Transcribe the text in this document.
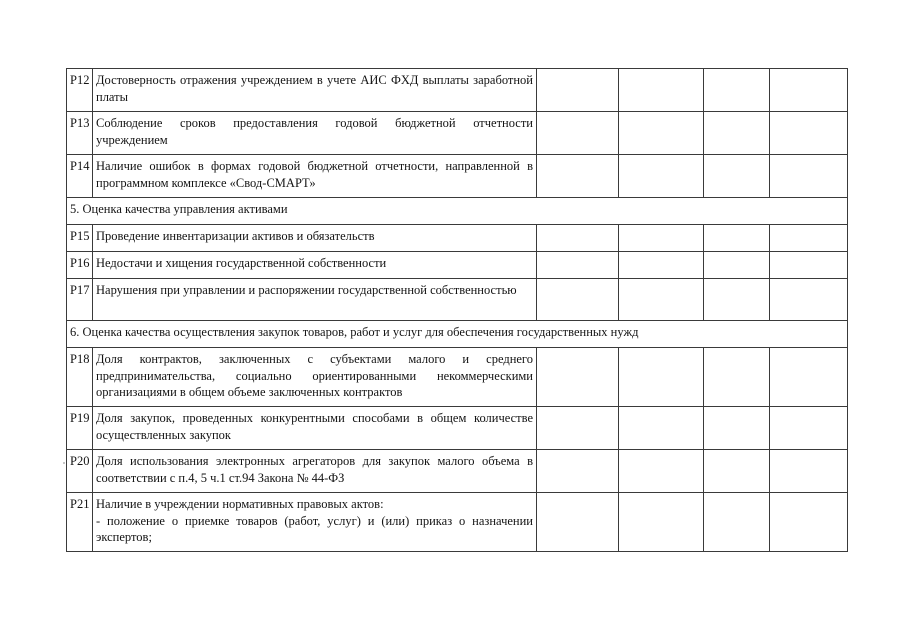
Р12	Достоверность отражения учреждением в учете АИС ФХД выплаты заработной платы				
Р13	Соблюдение сроков предоставления годовой бюджетной отчетности учреждением				
Р14	Наличие ошибок в формах годовой бюджетной отчетности, направленной в программном комплексе «Свод-СМАРТ»				
5. Оценка качества управления активами					
Р15	Проведение инвентаризации активов и обязательств				
Р16	Недостачи и хищения государственной собственности				
Р17	Нарушения при управлении и распоряжении государственной собственностью				
6. Оценка качества осуществления закупок товаров, работ и услуг для обеспечения государственных нужд					
Р18	Доля контрактов, заключенных с субъектами малого и среднего предпринимательства, социально ориентированными некоммерческими организациями в общем объеме заключенных контрактов				
Р19	Доля закупок, проведенных конкурентными способами в общем количестве осуществленных закупок				
Р20	Доля использования электронных агрегаторов для закупок малого объема в соответствии с п.4, 5 ч.1 ст.94 Закона № 44-ФЗ				
Р21	Наличие в учреждении нормативных правовых актов:
- положение о приемке товаров (работ, услуг) и (или) приказ о назначении экспертов;				
